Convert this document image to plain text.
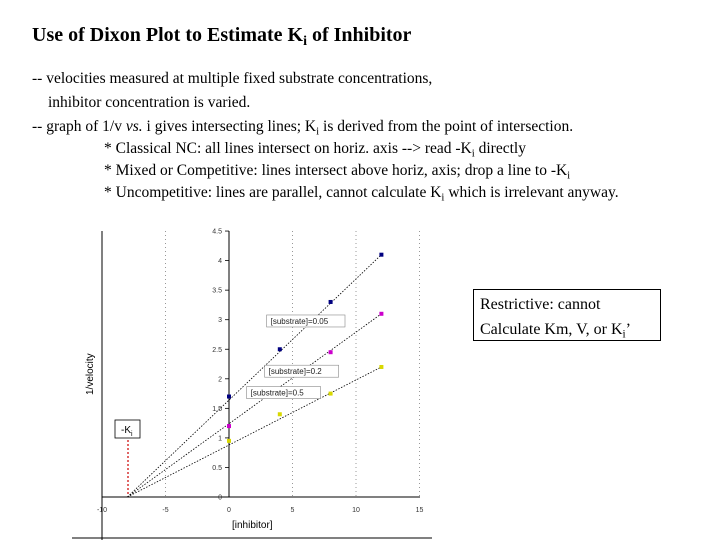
Use of Dixon Plot to Estimate $K_i$ of Inhibitor
-- velocities measured at multiple fixed substrate concentrations,
inhibitor concentration is varied.
-- graph of 1/v vs. i gives intersecting lines; $K_i$ is derived from the point of intersection.
* Classical NC: all lines intersect on horiz. axis --> read $-K_i$ directly
* Mixed or Competitive: lines intersect above horiz, axis; drop a line to $-K_i$
* Uncompetitive: lines are parallel, cannot calculate $K_i$ which is irrelevant anyway.
0
0.5
1
1.5
2
2.5
3
3.5
4
4.5
-10	-5	0	5	10	15
[substrate]=0.05
[substrate]=0.2
[substrate]=0.5
$-K_i$
[inhibitor]
1/velocity
Restrictive: cannot
Calculate Km, V, or $K_i$’
